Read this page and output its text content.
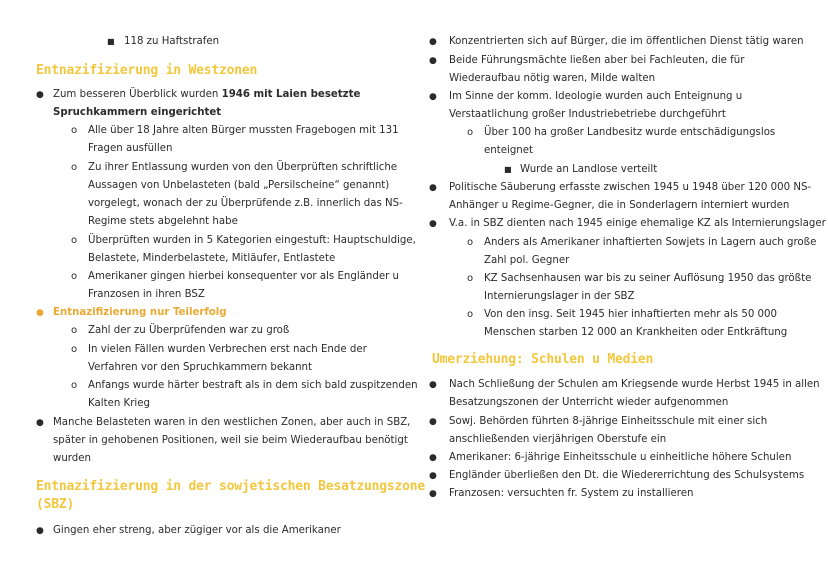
■ 118 zu Haftstrafen
Entnazifizierung in Westzonen
● Zum besseren Überblick wurden 1946 mit Laien besetzte
Spruchkammern eingerichtet
o Alle über 18 Jahre alten Bürger mussten Fragebogen mit 131
Fragen ausfüllen
o Zu ihrer Entlassung wurden von den Überprüften schriftliche
Aussagen von Unbelasteten (bald „Persilscheine“ genannt)
vorgelegt, wonach der zu Überprüfende z.B. innerlich das NS-
Regime stets abgelehnt habe
o Überprüften wurden in 5 Kategorien eingestuft: Hauptschuldige,
Belastete, Minderbelastete, Mitläufer, Entlastete
o Amerikaner gingen hierbei konsequenter vor als Engländer u
Franzosen in ihren BSZ
● Entnazifizierung nur Teilerfolg
o Zahl der zu Überprüfenden war zu groß
o In vielen Fällen wurden Verbrechen erst nach Ende der
Verfahren vor den Spruchkammern bekannt
o Anfangs wurde härter bestraft als in dem sich bald zuspitzenden
Kalten Krieg
● Manche Belasteten waren in den westlichen Zonen, aber auch in SBZ,
später in gehobenen Positionen, weil sie beim Wiederaufbau benötigt
wurden
Entnazifizierung in der sowjetischen Besatzungszone
(SBZ)
● Gingen eher streng, aber zügiger vor als die Amerikaner
● Konzentrierten sich auf Bürger, die im öffentlichen Dienst tätig waren
● Beide Führungsmächte ließen aber bei Fachleuten, die für
Wiederaufbau nötig waren, Milde walten
● Im Sinne der komm. Ideologie wurden auch Enteignung u
Verstaatlichung großer Industriebetriebe durchgeführt
o Über 100 ha großer Landbesitz wurde entschädigungslos
enteignet
■ Wurde an Landlose verteilt
● Politische Säuberung erfasste zwischen 1945 u 1948 über 120 000 NS-
Anhänger u Regime-Gegner, die in Sonderlagern interniert wurden
● V.a. in SBZ dienten nach 1945 einige ehemalige KZ als Internierungslager
o Anders als Amerikaner inhaftierten Sowjets in Lagern auch große
Zahl pol. Gegner
o KZ Sachsenhausen war bis zu seiner Auflösung 1950 das größte
Internierungslager in der SBZ
o Von den insg. Seit 1945 hier inhaftierten mehr als 50 000
Menschen starben 12 000 an Krankheiten oder Entkräftung
Umerziehung: Schulen u Medien
● Nach Schließung der Schulen am Kriegsende wurde Herbst 1945 in allen
Besatzungszonen der Unterricht wieder aufgenommen
● Sowj. Behörden führten 8-jährige Einheitsschule mit einer sich
anschließenden vierjährigen Oberstufe ein
● Amerikaner: 6-jährige Einheitsschule u einheitliche höhere Schulen
● Engländer überließen den Dt. die Wiedererrichtung des Schulsystems
● Franzosen: versuchten fr. System zu installieren
